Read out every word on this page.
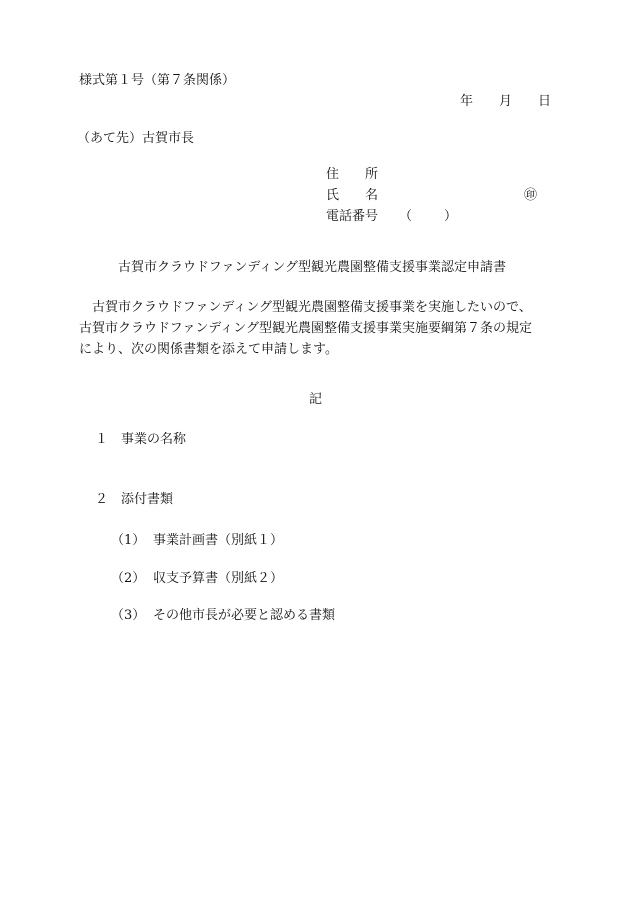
様式第１号（第７条関係）
年 月 日
（あて先）古賀市長
住　　所
氏　　名	㊞
電話番号 （ ）
古賀市クラウドファンディング型観光農園整備支援事業認定申請書
古賀市クラウドファンディング型観光農園整備支援事業を実施したいので、
古賀市クラウドファンディング型観光農園整備支援事業実施要綱第７条の規定
により、次の関係書類を添えて申請します。
記
１ 事業の名称
２ 添付書類
（1） 事業計画書（別紙１）
（2） 収支予算書（別紙２）
（3） その他市長が必要と認める書類
